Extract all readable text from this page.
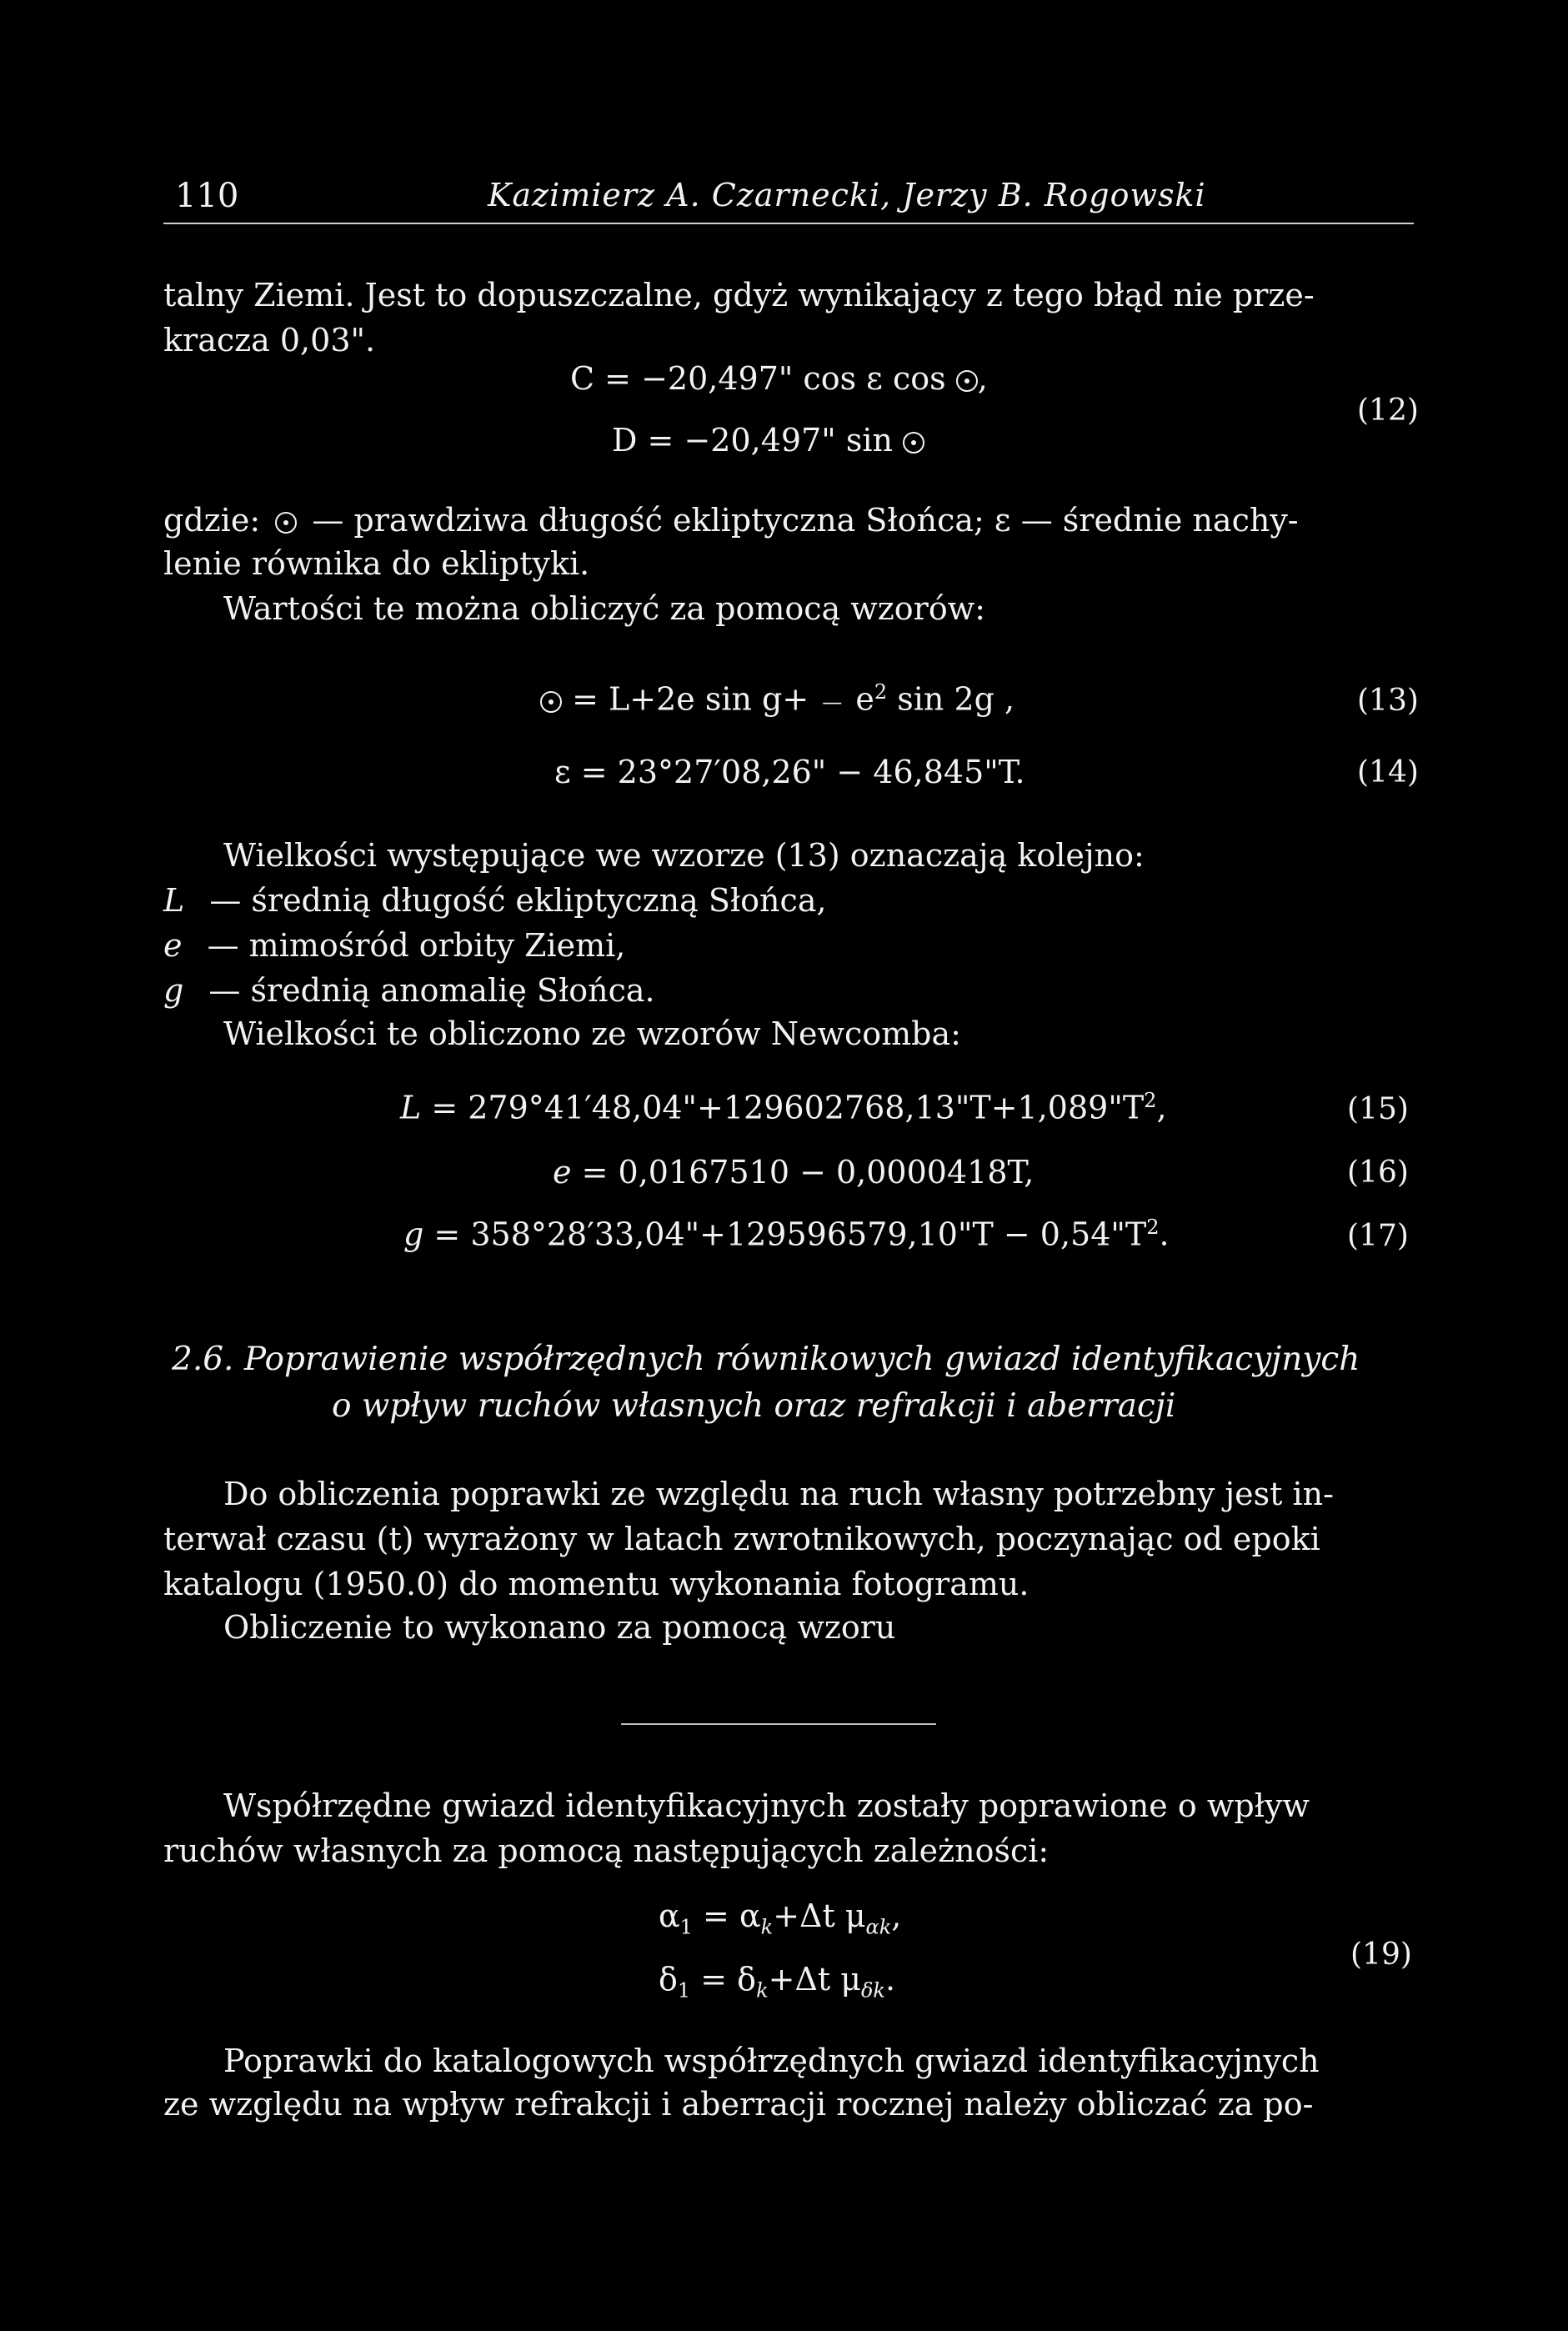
110	Kazimierz A. Czarnecki, Jerzy B. Rogowski
talny Ziemi. Jest to dopuszczalne, gdyż wynikający z tego błąd nie prze-
kracza 0,03".
C = −20,497" cos ε cos ,
D = −20,497" sin
(12)
gdzie: — prawdziwa długość ekliptyczna Słońca; ε — średnie nachy-
lenie równika do ekliptyki.
Wartości te można obliczyć za pomocą wzorów:
= L+2e sin g+ — $e^2$ sin 2g ,	(13)
ε = 23°27′08,26" − 46,845"T.	(14)
Wielkości występujące we wzorze (13) oznaczają kolejno:
L — średnią długość ekliptyczną Słońca,
e — mimośród orbity Ziemi,
g — średnią anomalię Słońca.
Wielkości te obliczono ze wzorów Newcomba:
$L = 279^\circ 41'48,04"+129602768,13"T+1,089"T^2$,	(15)
e = 0,0167510 − 0,0000418T,	(16)
g = 358°28′33,04"+129596579,10"T − $0,54"T^2$.	(17)
2.6. Poprawienie współrzędnych równikowych gwiazd identyfikacyjnych
o wpływ ruchów własnych oraz refrakcji i aberracji
Do obliczenia poprawki ze względu na ruch własny potrzebny jest in-
terwał czasu (t) wyrażony w latach zwrotnikowych, poczynając od epoki
katalogu (1950.0) do momentu wykonania fotogramu.
Obliczenie to wykonano za pomocą wzoru
Współrzędne gwiazd identyfikacyjnych zostały poprawione o wpływ
ruchów własnych za pomocą następujących zależności:
$\alpha_1 = \alpha_k+\Delta t$ $\mu_{\alpha k}$,
$\delta_1 = \delta_k+\Delta t$ $\mu_{\delta k}$.
(19)
Poprawki do katalogowych współrzędnych gwiazd identyfikacyjnych
ze względu na wpływ refrakcji i aberracji rocznej należy obliczać za po-
